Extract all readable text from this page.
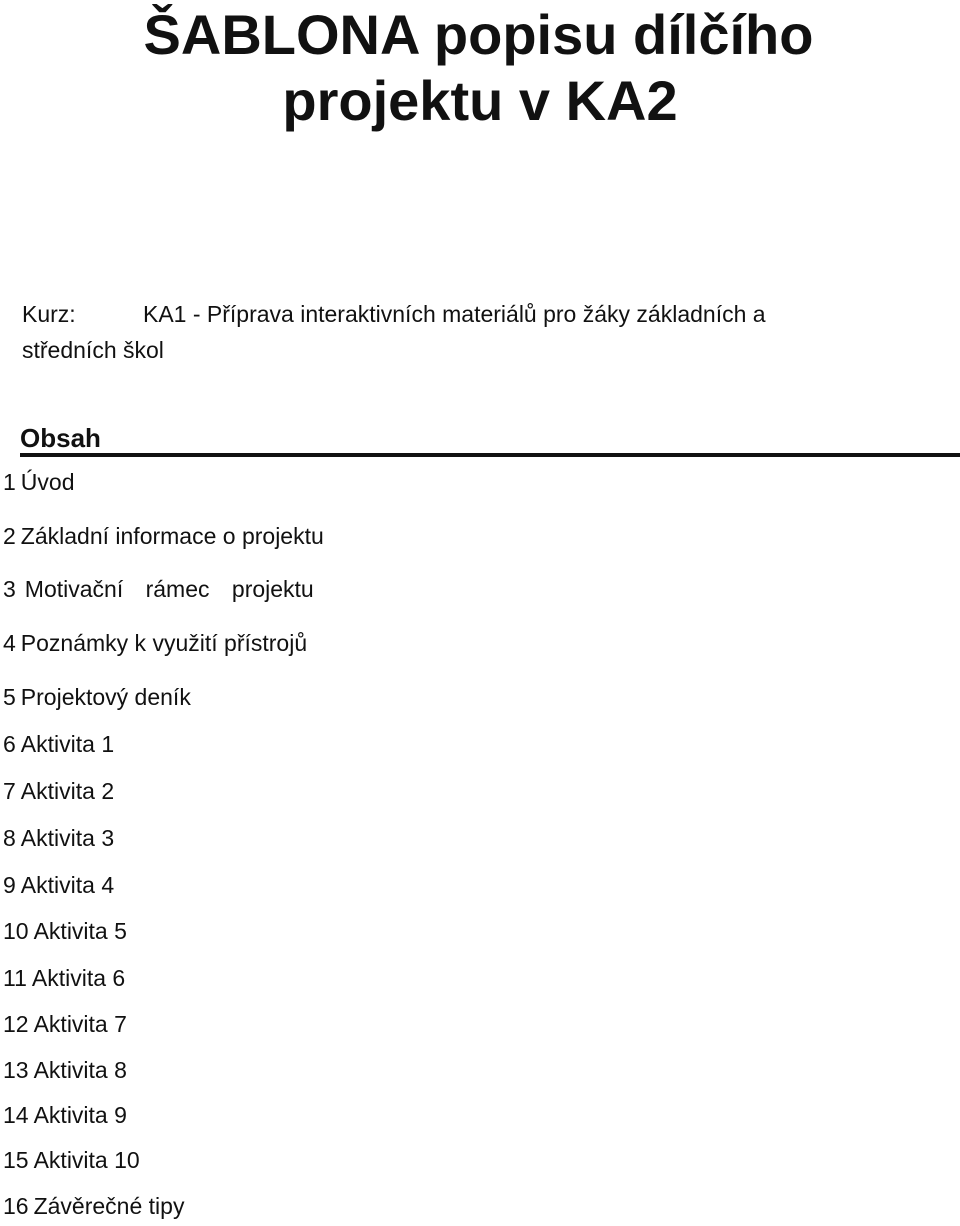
ŠABLONA popisu dílčího
projektu v KA2

Kurz:	KA1 - Příprava interaktivních materiálů pro žáky základních a
středních škol

Obsah
1 Úvod
2 Základní informace o projektu
3 Motivační rámec projektu
4 Poznámky k využití přístrojů
5 Projektový deník
6 Aktivita 1
7 Aktivita 2
8 Aktivita 3
9 Aktivita 4
10 Aktivita 5
11 Aktivita 6
12 Aktivita 7
13 Aktivita 8
14 Aktivita 9
15 Aktivita 10
16 Závěrečné tipy
